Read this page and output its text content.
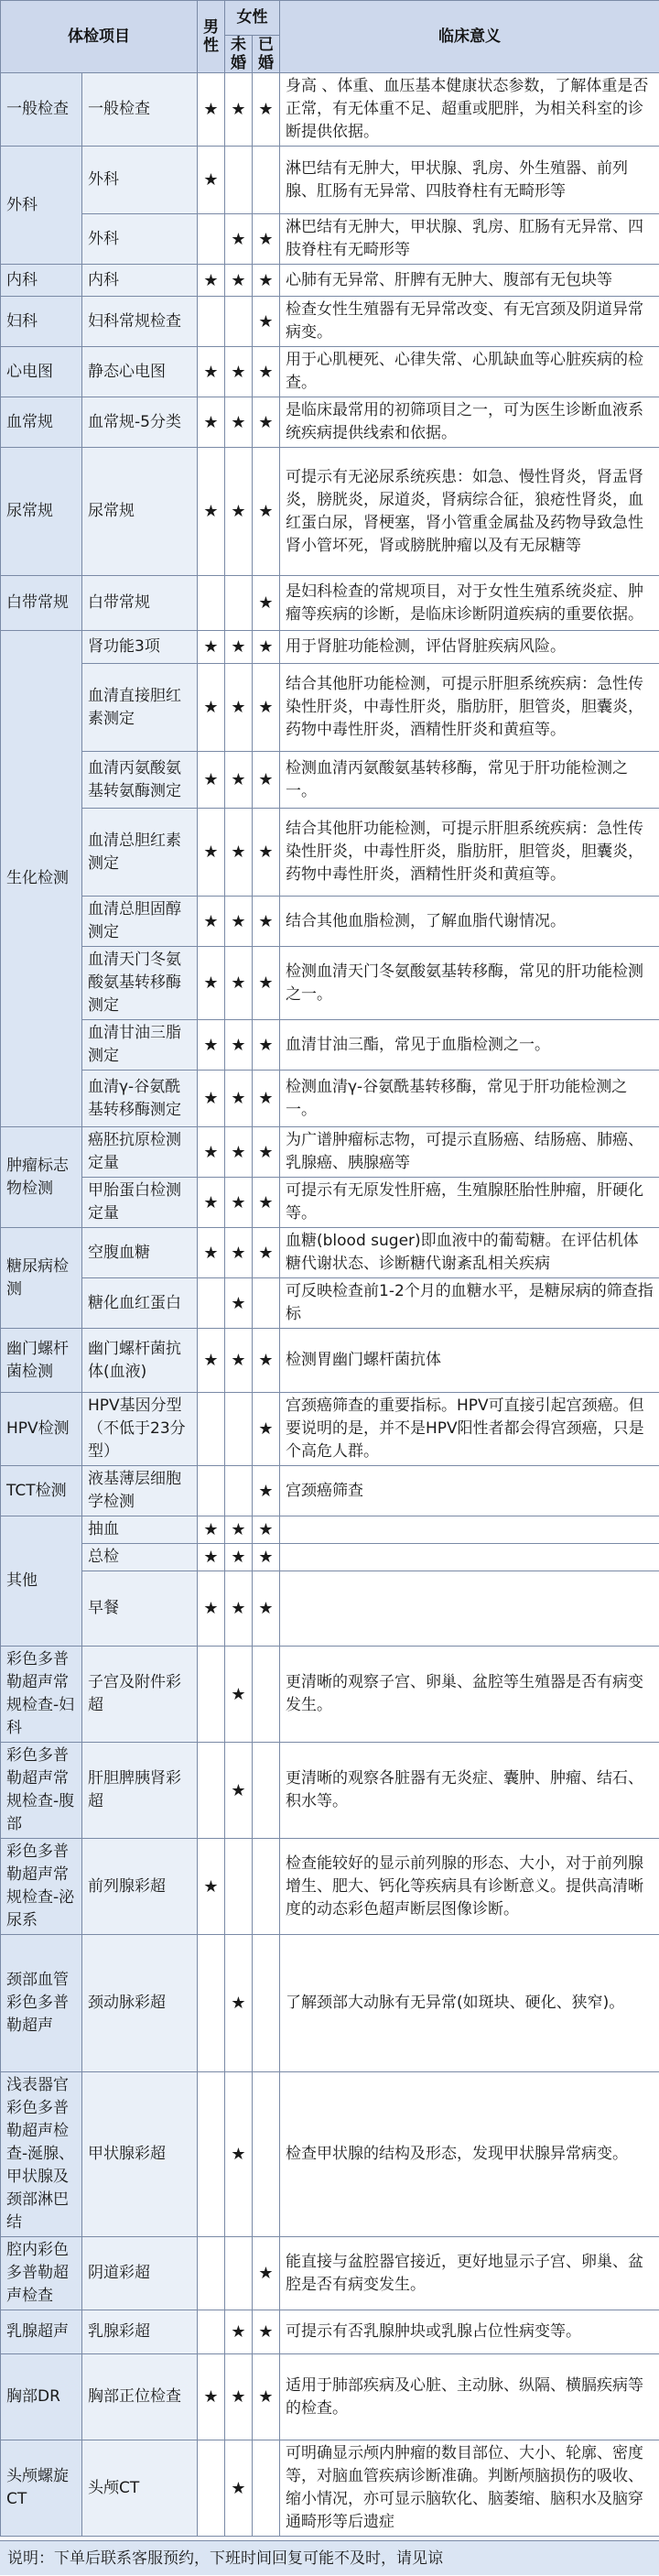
体检项目		男性	女性		临床意义
			未婚	已婚	
一般检查	一般检查	★	★	★	身高 、体重、血压基本健康状态参数，了解体重是否正常，有无体重不足、超重或肥胖，为相关科室的诊断提供依据。
外科	外科	★			淋巴结有无肿大，甲状腺、乳房、外生殖器、前列腺、肛肠有无异常、四肢脊柱有无畸形等
	外科		★	★	淋巴结有无肿大，甲状腺、乳房、肛肠有无异常、四肢脊柱有无畸形等
内科	内科	★	★	★	心肺有无异常、肝脾有无肿大、腹部有无包块等
妇科	妇科常规检查			★	检查女性生殖器有无异常改变、有无宫颈及阴道异常病变。
心电图	静态心电图	★	★	★	用于心肌梗死、心律失常、心肌缺血等心脏疾病的检查。
血常规	血常规-5分类	★	★	★	是临床最常用的初筛项目之一，可为医生诊断血液系统疾病提供线索和依据。
尿常规	尿常规	★	★	★	可提示有无泌尿系统疾患：如急、慢性肾炎，肾盂肾炎，膀胱炎，尿道炎，肾病综合征，狼疮性肾炎，血红蛋白尿，肾梗塞，肾小管重金属盐及药物导致急性肾小管坏死，肾或膀胱肿瘤以及有无尿糖等
白带常规	白带常规			★	是妇科检查的常规项目，对于女性生殖系统炎症、肿瘤等疾病的诊断，是临床诊断阴道疾病的重要依据。
生化检测	肾功能3项	★	★	★	用于肾脏功能检测，评估肾脏疾病风险。
	血清直接胆红素测定	★	★	★	结合其他肝功能检测，可提示肝胆系统疾病：急性传染性肝炎，中毒性肝炎，脂肪肝，胆管炎，胆囊炎，药物中毒性肝炎，酒精性肝炎和黄疸等。
	血清丙氨酸氨基转氨酶测定	★	★	★	检测血清丙氨酸氨基转移酶，常见于肝功能检测之一。
	血清总胆红素测定	★	★	★	结合其他肝功能检测，可提示肝胆系统疾病：急性传染性肝炎，中毒性肝炎，脂肪肝，胆管炎，胆囊炎，药物中毒性肝炎，酒精性肝炎和黄疸等。
	血清总胆固醇测定	★	★	★	结合其他血脂检测，了解血脂代谢情况。
	血清天门冬氨酸氨基转移酶测定	★	★	★	检测血清天门冬氨酸氨基转移酶，常见的肝功能检测之一。
	血清甘油三脂测定	★	★	★	血清甘油三酯，常见于血脂检测之一。
	血清γ-谷氨酰基转移酶测定	★	★	★	检测血清γ-谷氨酰基转移酶，常见于肝功能检测之一。
肿瘤标志物检测	癌胚抗原检测定量	★	★	★	为广谱肿瘤标志物，可提示直肠癌、结肠癌、肺癌、乳腺癌、胰腺癌等
	甲胎蛋白检测定量	★	★	★	可提示有无原发性肝癌，生殖腺胚胎性肿瘤，肝硬化等。
糖尿病检测	空腹血糖	★	★	★	血糖(blood suger)即血液中的葡萄糖。在评估机体糖代谢状态、诊断糖代谢紊乱相关疾病
	糖化血红蛋白		★		可反映检查前1-2个月的血糖水平，是糖尿病的筛查指标
幽门螺杆菌检测	幽门螺杆菌抗体(血液)	★	★	★	检测胃幽门螺杆菌抗体
HPV检测	HPV基因分型（不低于23分型）			★	宫颈癌筛查的重要指标。HPV可直接引起宫颈癌。但要说明的是，并不是HPV阳性者都会得宫颈癌，只是个高危人群。
TCT检测	液基薄层细胞学检测			★	宫颈癌筛查
其他	抽血	★	★	★	
	总检	★	★	★	
	早餐	★	★	★	
彩色多普勒超声常规检查-妇科	子宫及附件彩超		★		更清晰的观察子宫、卵巢、盆腔等生殖器是否有病变发生。
彩色多普勒超声常规检查-腹部	肝胆脾胰肾彩超		★		更清晰的观察各脏器有无炎症、囊肿、肿瘤、结石、积水等。
彩色多普勒超声常规检查-泌尿系	前列腺彩超	★			检查能较好的显示前列腺的形态、大小，对于前列腺增生、肥大、钙化等疾病具有诊断意义。提供高清晰度的动态彩色超声断层图像诊断。
颈部血管彩色多普勒超声	颈动脉彩超		★		了解颈部大动脉有无异常(如斑块、硬化、狭窄)。
浅表器官彩色多普勒超声检查-涎腺、甲状腺及颈部淋巴结	甲状腺彩超		★		检查甲状腺的结构及形态，发现甲状腺异常病变。
腔内彩色多普勒超声检查	阴道彩超			★	能直接与盆腔器官接近，更好地显示子宫、卵巢、盆腔是否有病变发生。
乳腺超声	乳腺彩超		★	★	可提示有否乳腺肿块或乳腺占位性病变等。
胸部DR	胸部正位检查	★	★	★	适用于肺部疾病及心脏、主动脉、纵隔、横膈疾病等的检查。
头颅螺旋CT	头颅CT		★		可明确显示颅内肿瘤的数目部位、大小、轮廓、密度等，对脑血管疾病诊断准确。判断颅脑损伤的吸收、缩小情况，亦可显示脑软化、脑萎缩、脑积水及脑穿通畸形等后遗症
说明：下单后联系客服预约，下班时间回复可能不及时，请见谅
